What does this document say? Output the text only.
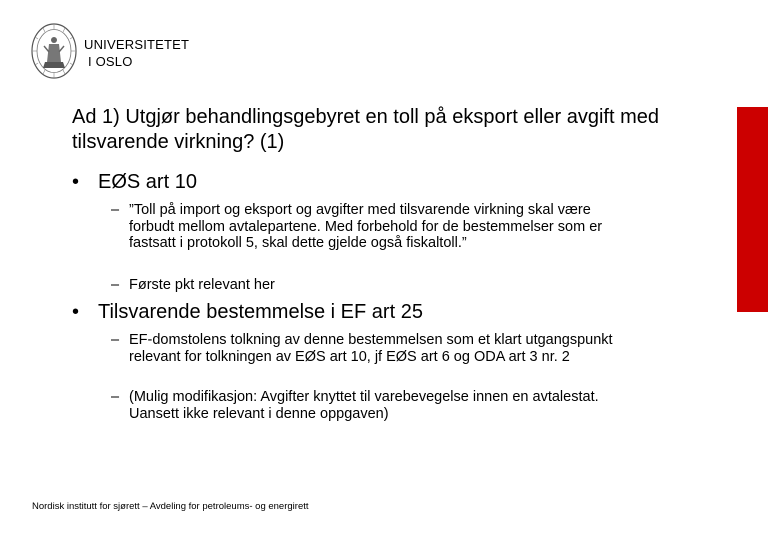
UNIVERSITETET
I OSLO
Ad 1) Utgjør behandlingsgebyret en toll på eksport eller avgift med tilsvarende virkning? (1)
• EØS art 10
– ”Toll på import og eksport og avgifter med tilsvarende virkning skal være forbudt mellom avtalepartene. Med forbehold for de bestemmelser som er fastsatt i protokoll 5, skal dette gjelde også fiskaltoll.”
– Første pkt relevant her
• Tilsvarende bestemmelse i EF art 25
– EF-domstolens tolkning av denne bestemmelsen som et klart utgangspunkt relevant for tolkningen av EØS art 10, jf EØS art 6 og ODA art 3 nr. 2
– (Mulig modifikasjon: Avgifter knyttet til varebevegelse innen en avtalestat. Uansett ikke relevant i denne oppgaven)
Nordisk institutt for sjørett – Avdeling for petroleums- og energirett
